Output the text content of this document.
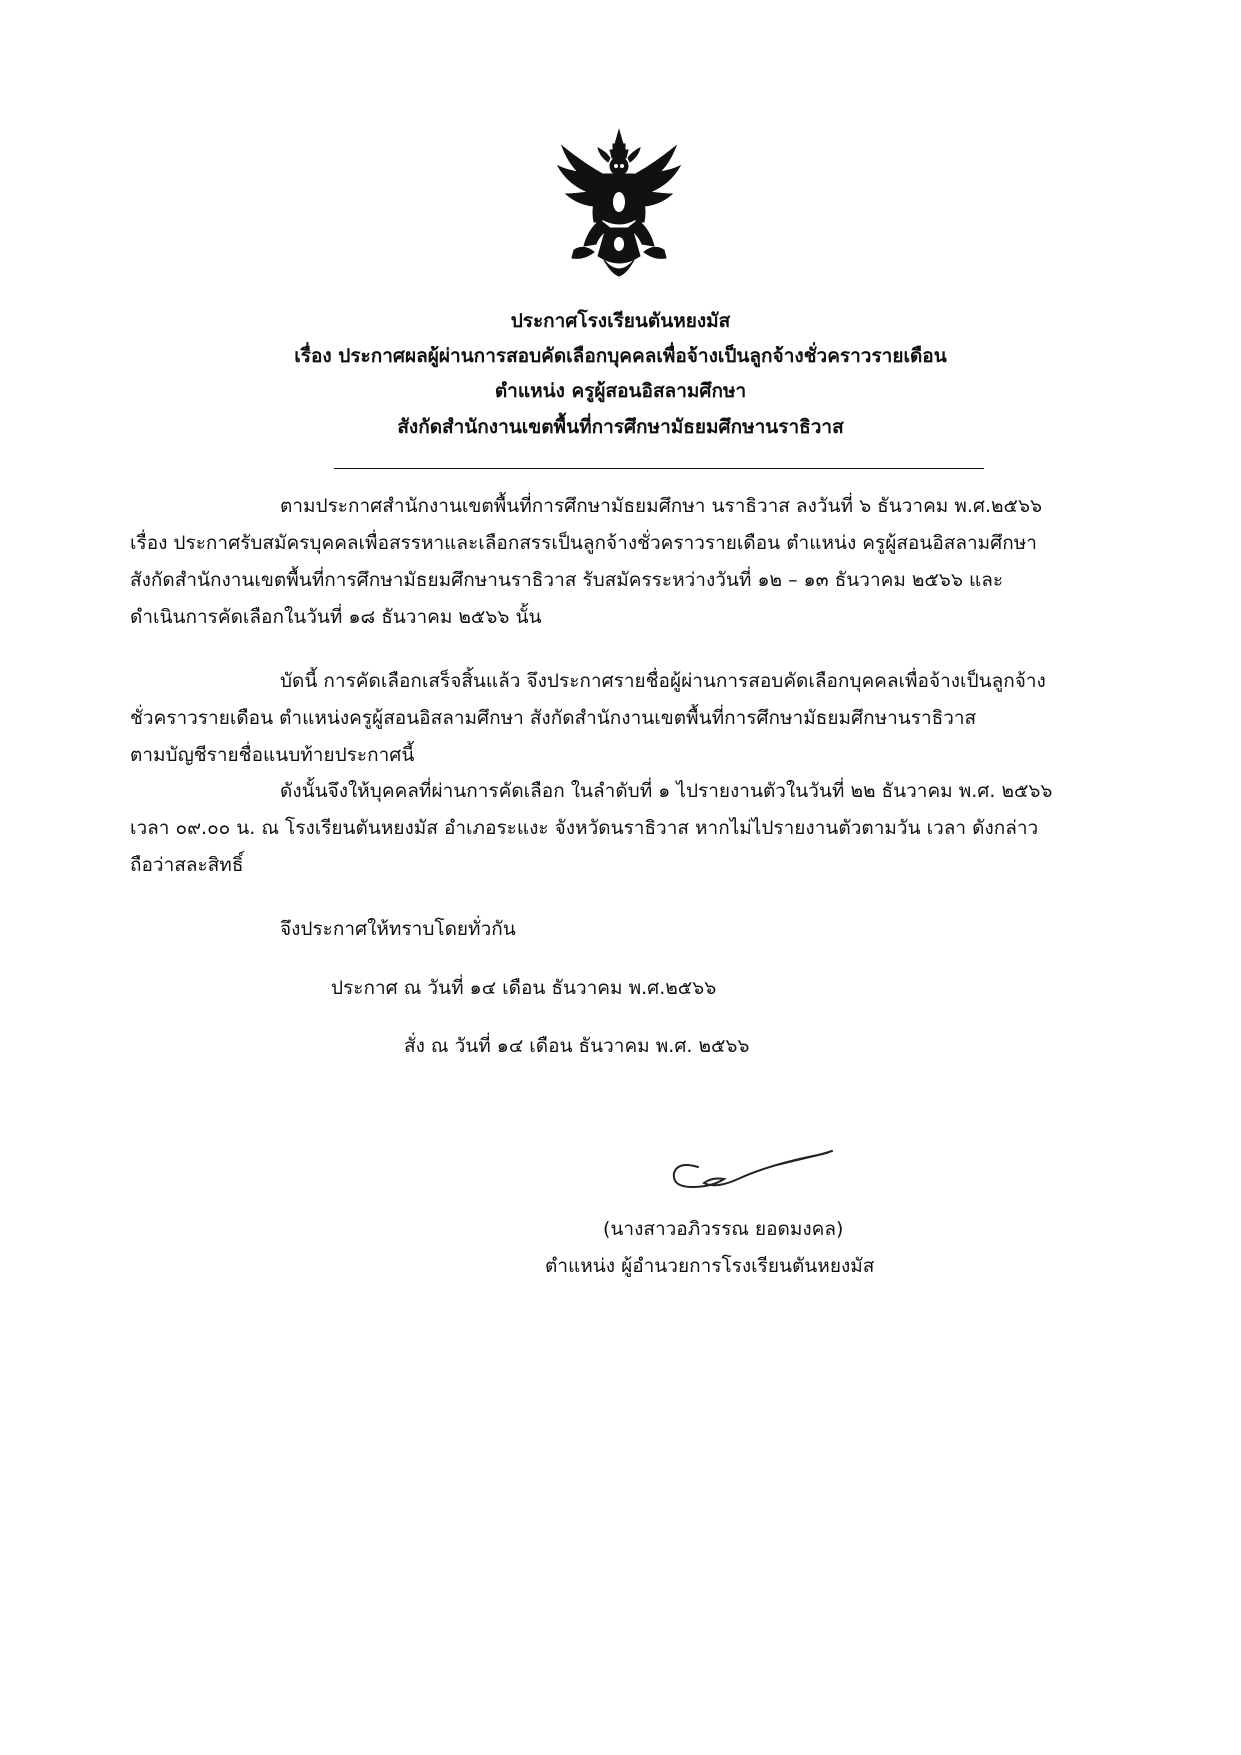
ประกาศโรงเรียนตันหยงมัส
เรื่อง ประกาศผลผู้ผ่านการสอบคัดเลือกบุคคลเพื่อจ้างเป็นลูกจ้างชั่วคราวรายเดือน
ตำแหน่ง ครูผู้สอนอิสลามศึกษา
สังกัดสำนักงานเขตพื้นที่การศึกษามัธยมศึกษานราธิวาส
ตามประกาศสำนักงานเขตพื้นที่การศึกษามัธยมศึกษา นราธิวาส ลงวันที่ ๖ ธันวาคม พ.ศ.๒๕๖๖
เรื่อง ประกาศรับสมัครบุคคลเพื่อสรรหาและเลือกสรรเป็นลูกจ้างชั่วคราวรายเดือน ตำแหน่ง ครูผู้สอนอิสลามศึกษา
สังกัดสำนักงานเขตพื้นที่การศึกษามัธยมศึกษานราธิวาส รับสมัครระหว่างวันที่ ๑๒ – ๑๓ ธันวาคม ๒๕๖๖ และ
ดำเนินการคัดเลือกในวันที่ ๑๘ ธันวาคม ๒๕๖๖ นั้น
บัดนี้ การคัดเลือกเสร็จสิ้นแล้ว จึงประกาศรายชื่อผู้ผ่านการสอบคัดเลือกบุคคลเพื่อจ้างเป็นลูกจ้าง
ชั่วคราวรายเดือน ตำแหน่งครูผู้สอนอิสลามศึกษา สังกัดสำนักงานเขตพื้นที่การศึกษามัธยมศึกษานราธิวาส
ตามบัญชีรายชื่อแนบท้ายประกาศนี้
ดังนั้นจึงให้บุคคลที่ผ่านการคัดเลือก ในลำดับที่ ๑ ไปรายงานตัวในวันที่ ๒๒ ธันวาคม พ.ศ. ๒๕๖๖
เวลา ๐๙.๐๐ น. ณ โรงเรียนตันหยงมัส อำเภอระแงะ จังหวัดนราธิวาส หากไม่ไปรายงานตัวตามวัน เวลา ดังกล่าว
ถือว่าสละสิทธิ์
จึงประกาศให้ทราบโดยทั่วกัน
ประกาศ ณ วันที่ ๑๔ เดือน ธันวาคม พ.ศ.๒๕๖๖
สั่ง ณ วันที่ ๑๔ เดือน ธันวาคม พ.ศ. ๒๕๖๖
(นางสาวอภิวรรณ ยอดมงคล)
ตำแหน่ง ผู้อำนวยการโรงเรียนตันหยงมัส
